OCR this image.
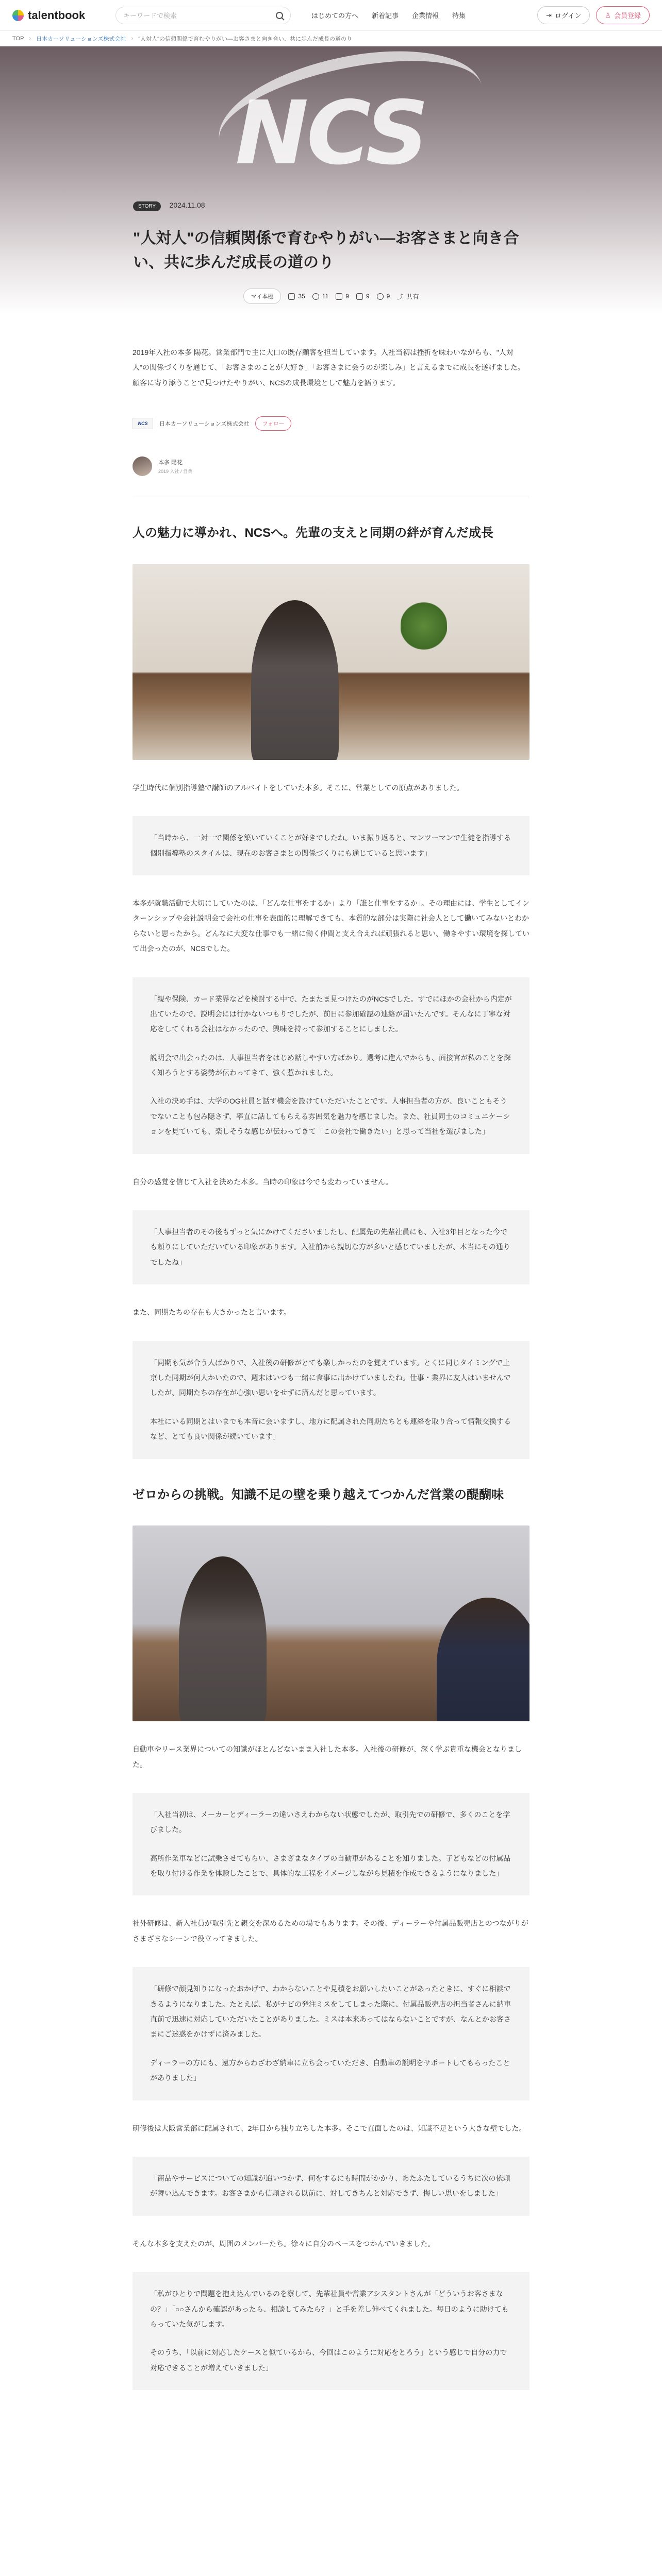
talentbook	キーワードで検索	はじめての方へ 新着記事 企業情報 特集	⇥ ログイン	♙ 会員登録
TOP › 日本カーソリューションズ株式会社 › "人対人"の信頼関係で育むやりがい―お客さまと向き合い、共に歩んだ成長の道のり
NCS
STORY 2024.11.08
"人対人"の信頼関係で育むやりがい―お客さまと向き合い、共に歩んだ成長の道のり
マイ本棚	35	11	9	9	9 ⤴ 共有

2019年入社の本多 陽花。営業部門で主に大口の既存顧客を担当しています。入社当初は挫折を味わいながらも、"人対人"の関係づくりを通じて、「お客さまのことが大好き」「お客さまに会うのが楽しみ」と言えるまでに成長を遂げました。顧客に寄り添うことで見つけたやりがい、NCSの成長環境として魅力を語ります。

NCS	日本カーソリューションズ株式会社	フォロー
本多 陽花
2019 入社 / 営業
人の魅力に導かれ、NCSへ。先輩の支えと同期の絆が育んだ成長

学生時代に個別指導塾で講師のアルバイトをしていた本多。そこに、営業としての原点がありました。

「当時から、一対一で関係を築いていくことが好きでしたね。いま振り返ると、マンツーマンで生徒を指導する個別指導塾のスタイルは、現在のお客さまとの関係づくりにも通じていると思います」

本多が就職活動で大切にしていたのは、「どんな仕事をするか」より「誰と仕事をするか」。その理由には、学生としてインターンシップや会社説明会で会社の仕事を表面的に理解できても、本質的な部分は実際に社会人として働いてみないとわからないと思ったから。どんなに大変な仕事でも一緒に働く仲間と支え合えれば頑張れると思い、働きやすい環境を探していて出会ったのが、NCSでした。

「親や保険、カード業界などを検討する中で、たまたま見つけたのがNCSでした。すでにほかの会社から内定が出ていたので、説明会には行かないつもりでしたが、前日に参加確認の連絡が届いたんです。そんなに丁寧な対応をしてくれる会社はなかったので、興味を持って参加することにしました。

説明会で出会ったのは、人事担当者をはじめ話しやすい方ばかり。選考に進んでからも、面接官が私のことを深く知ろうとする姿勢が伝わってきて、強く惹かれました。

入社の決め手は、大学のOG社員と話す機会を設けていただいたことです。人事担当者の方が、良いこともそうでないことも包み隠さず、率直に話してもらえる雰囲気を魅力を感じました。また、社員同士のコミュニケーションを見ていても、楽しそうな感じが伝わってきて「この会社で働きたい」と思って当社を選びました」

自分の感覚を信じて入社を決めた本多。当時の印象は今でも変わっていません。

「人事担当者のその後もずっと気にかけてくださいましたし、配属先の先輩社員にも、入社3年目となった今でも頼りにしていただいている印象があります。入社前から親切な方が多いと感じていましたが、本当にその通りでしたね」

また、同期たちの存在も大きかったと言います。

「同期も気が合う人ばかりで、入社後の研修がとても楽しかったのを覚えています。とくに同じタイミングで上京した同期が何人かいたので、週末はいつも一緒に食事に出かけていましたね。仕事・業界に友人はいませんでしたが、同期たちの存在が心強い思いをせずに済んだと思っています。

本社にいる同期とはいまでも本音に会いますし、地方に配属された同期たちとも連絡を取り合って情報交換するなど、とても良い関係が続いています」

ゼロからの挑戦。知識不足の壁を乗り越えてつかんだ営業の醍醐味

自動車やリース業界についての知識がほとんどないまま入社した本多。入社後の研修が、深く学ぶ貴重な機会となりました。

「入社当初は、メーカーとディーラーの違いさえわからない状態でしたが、取引先での研修で、多くのことを学びました。

高所作業車などに試乗させてもらい、さまざまなタイプの自動車があることを知りました。子どもなどの付属品を取り付ける作業を体験したことで、具体的な工程をイメージしながら見積を作成できるようになりました」

社外研修は、新入社員が取引先と親交を深めるための場でもあります。その後、ディーラーや付属品販売店とのつながりがさまざまなシーンで役立ってきました。

「研修で顔見知りになったおかげで、わからないことや見積をお願いしたいことがあったときに、すぐに相談できるようになりました。たとえば、私がナビの発注ミスをしてしまった際に、付属品販売店の担当者さんに納車直前で迅速に対応していただいたことがありました。ミスは本来あってはならないことですが、なんとかお客さまにご迷惑をかけずに済みました。

ディーラーの方にも、遠方からわざわざ納車に立ち会っていただき、自動車の説明をサポートしてもらったことがありました」

研修後は大阪営業部に配属されて、2年目から独り立ちした本多。そこで直面したのは、知識不足という大きな壁でした。

「商品やサービスについての知識が追いつかず、何をするにも時間がかかり、あたふたしているうちに次の依頼が舞い込んできます。お客さまから信頼される以前に、対してきちんと対応できず、悔しい思いをしました」

そんな本多を支えたのが、周囲のメンバーたち。徐々に自分のペースをつかんでいきました。

「私がひとりで問題を抱え込んでいるのを察して、先輩社員や営業アシスタントさんが「どういうお客さまなの？」「○○さんから確認があったら、相談してみたら？」と手を差し伸べてくれました。毎日のように助けてもらっていた気がします。

そのうち、「以前に対応したケースと似ているから、今回はこのように対応をとろう」という感じで自分の力で対応できることが増えていきました」
